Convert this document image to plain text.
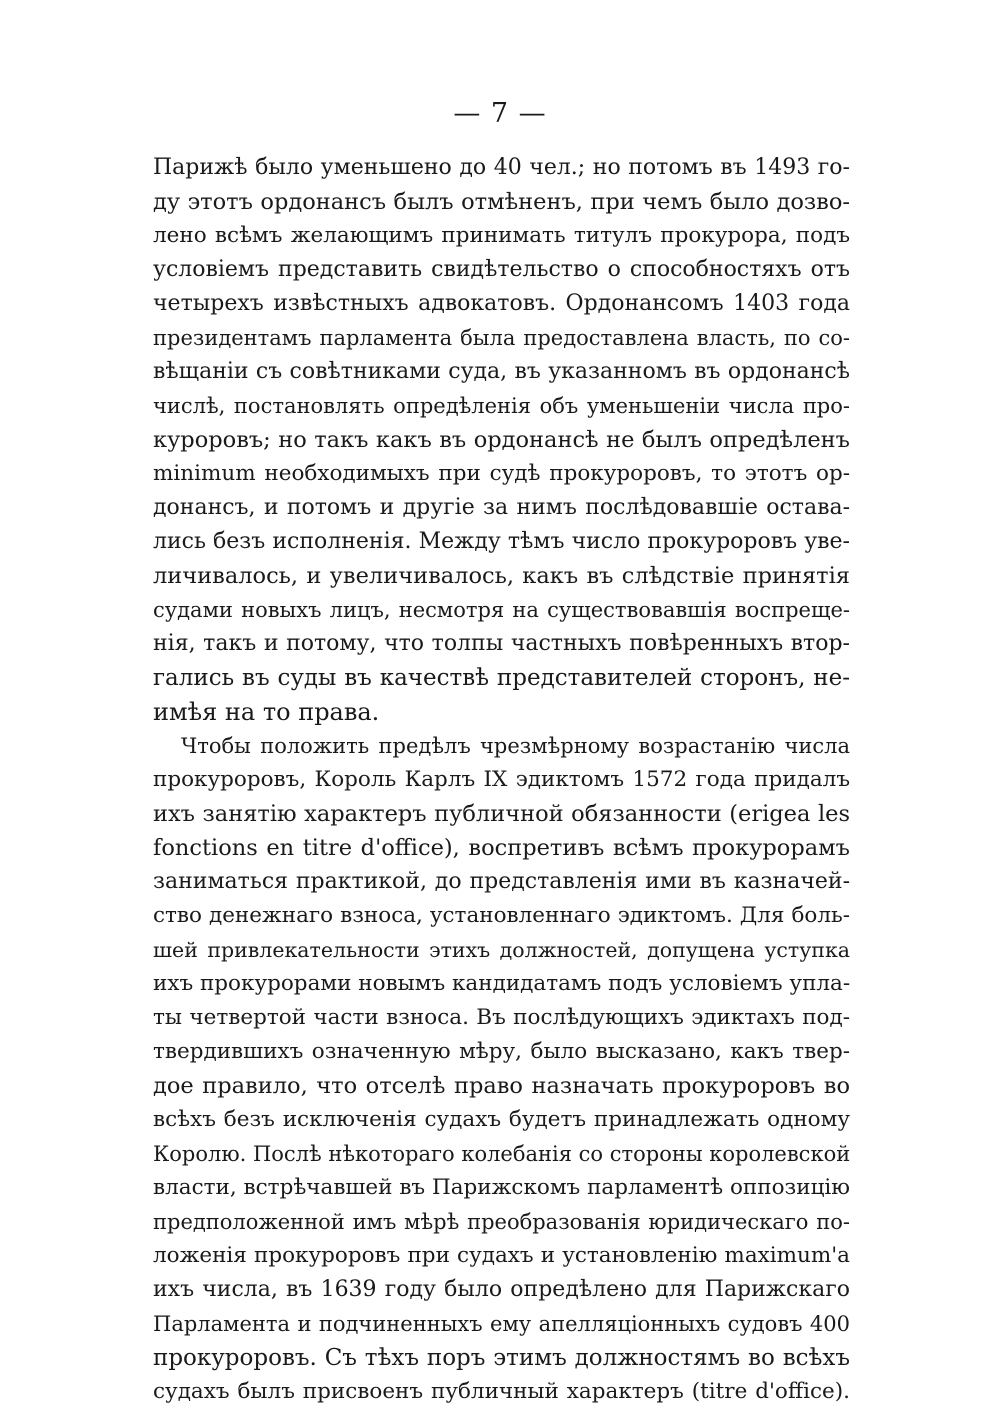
— 7 —
Парижѣ было уменьшено до 40 чел.; но потомъ въ 1493 го-
ду этотъ ордонансъ былъ отмѣненъ, при чемъ было дозво-
лено всѣмъ желающимъ принимать титулъ прокурора, подъ
условіемъ представить свидѣтельство о способностяхъ отъ
четырехъ извѣстныхъ адвокатовъ. Ордонансомъ 1403 года
президентамъ парламента была предоставлена власть, по со-
вѣщаніи съ совѣтниками суда, въ указанномъ въ ордонансѣ
числѣ, постановлять опредѣленія объ уменьшеніи числа про-
куроровъ; но такъ какъ въ ордонансѣ не былъ опредѣленъ
minimum необходимыхъ при судѣ прокуроровъ, то этотъ ор-
донансъ, и потомъ и другіе за нимъ послѣдовавшіе остава-
лись безъ исполненія. Между тѣмъ число прокуроровъ уве-
личивалось, и увеличивалось, какъ въ слѣдствіе принятія
судами новыхъ лицъ, несмотря на существовавшія воспреще-
нія, такъ и потому, что толпы частныхъ повѣренныхъ втор-
гались въ суды въ качествѣ представителей сторонъ, не-
имѣя на то права.
Чтобы положить предѣлъ чрезмѣрному возрастанію числа
прокуроровъ, Король Карлъ IX эдиктомъ 1572 года придалъ
ихъ занятію характеръ публичной обязанности (erigea les
fonctions en titre d'office), воспретивъ всѣмъ прокурорамъ
заниматься практикой, до представленія ими въ казначей-
ство денежнаго взноса, установленнаго эдиктомъ. Для боль-
шей привлекательности этихъ должностей, допущена уступка
ихъ прокурорами новымъ кандидатамъ подъ условіемъ упла-
ты четвертой части взноса. Въ послѣдующихъ эдиктахъ под-
твердившихъ означенную мѣру, было высказано, какъ твер-
дое правило, что отселѣ право назначать прокуроровъ во
всѣхъ безъ исключенія судахъ будетъ принадлежать одному
Королю. Послѣ нѣкотораго колебанія со стороны королевской
власти, встрѣчавшей въ Парижскомъ парламентѣ оппозицію
предположенной имъ мѣрѣ преобразованія юридическаго по-
ложенія прокуроровъ при судахъ и установленію maximum'a
ихъ числа, въ 1639 году было опредѣлено для Парижскаго
Парламента и подчиненныхъ ему апелляціонныхъ судовъ 400
прокуроровъ. Съ тѣхъ поръ этимъ должностямъ во всѣхъ
судахъ былъ присвоенъ публичный характеръ (titre d'office).
